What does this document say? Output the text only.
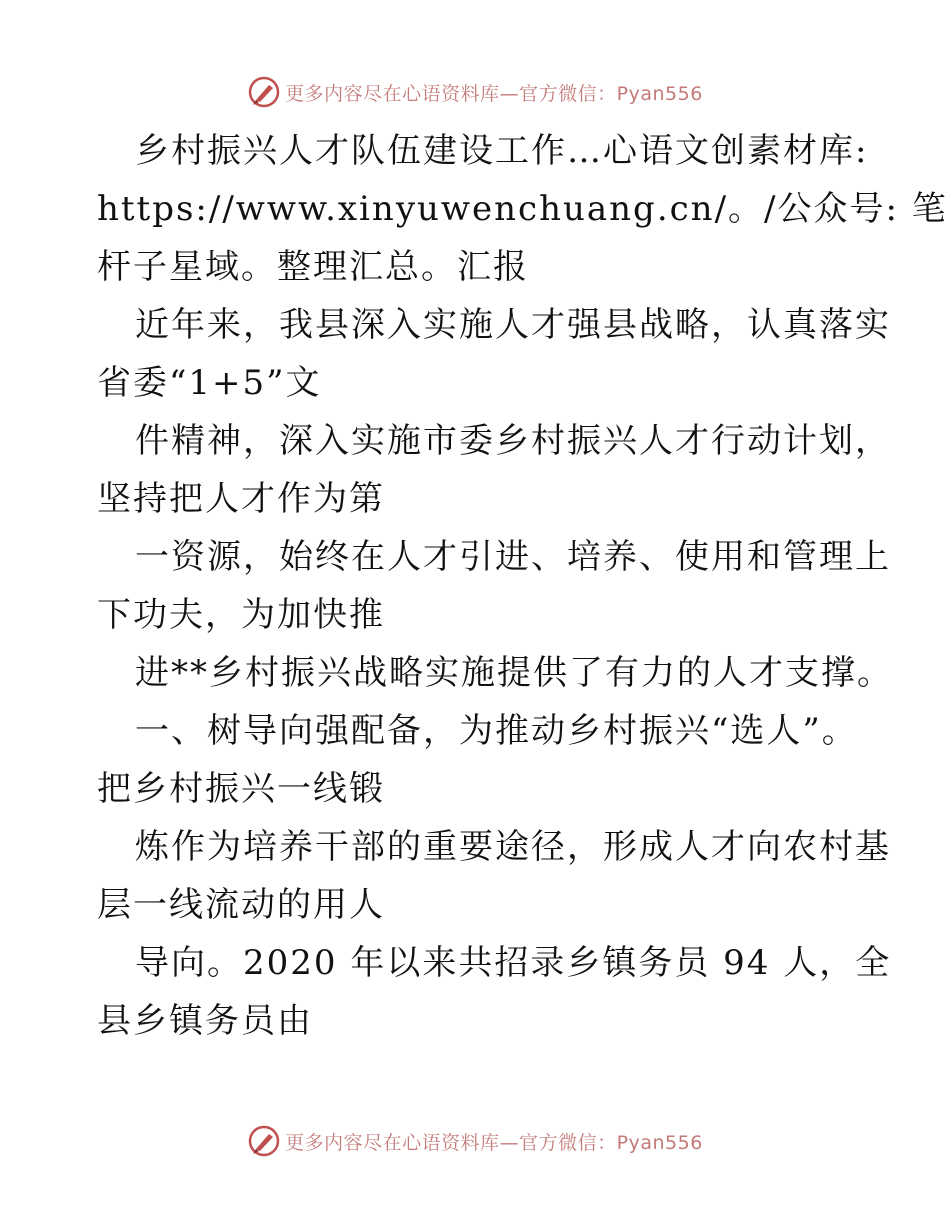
更多内容尽在心语资料库—官方微信：Pyan556
乡村振兴人才队伍建设工作…心语文创素材库:
https://www.xinyuwenchuang.cn/。/公众号: 笔
杆子星域。整理汇总。汇报
近年来，我县深入实施人才强县战略，认真落实
省委“1+5”文
件精神，深入实施市委乡村振兴人才行动计划，
坚持把人才作为第
一资源，始终在人才引进、培养、使用和管理上
下功夫，为加快推
进**乡村振兴战略实施提供了有力的人才支撑。
一、树导向强配备，为推动乡村振兴“选人”。
把乡村振兴一线锻
炼作为培养干部的重要途径，形成人才向农村基
层一线流动的用人
导向。2020 年以来共招录乡镇务员 94 人，全
县乡镇务员由
更多内容尽在心语资料库—官方微信：Pyan556
